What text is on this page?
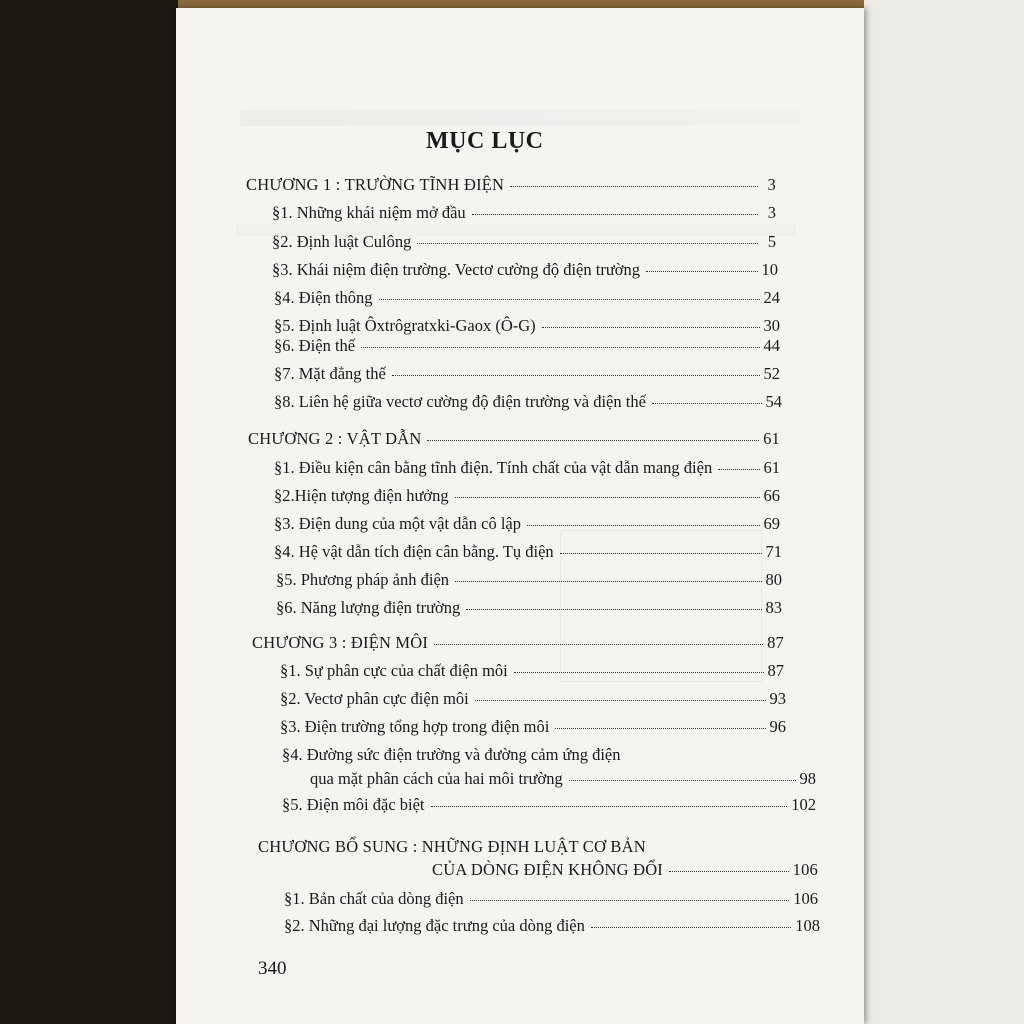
MỤC LỤC
CHƯƠNG 1 : TRƯỜNG TĨNH ĐIỆN	3
§1. Những khái niệm mở đầu	3
§2. Định luật Culông	5
§3. Khái niệm điện trường. Vectơ cường độ điện trường	10
§4. Điện thông	24
§5. Định luật Ôxtrôgratxki-Gaox (Ô-G)	30
§6. Điện thế	44
§7. Mặt đẳng thế	52
§8. Liên hệ giữa vectơ cường độ điện trường và điện thế	54
CHƯƠNG 2 : VẬT DẪN	61
§1. Điều kiện cân bằng tĩnh điện. Tính chất của vật dẫn mang điện	61
§2.Hiện tượng điện hưởng	66
§3. Điện dung của một vật dẫn cô lập	69
§4. Hệ vật dẫn tích điện cân bằng. Tụ điện	71
§5. Phương pháp ảnh điện	80
§6. Năng lượng điện trường	83
CHƯƠNG 3 : ĐIỆN MÔI	87
§1. Sự phân cực của chất điện môi	87
§2. Vectơ phân cực điện môi	93
§3. Điện trường tổng hợp trong điện môi	96
§4. Đường sức điện trường và đường cảm ứng điện
qua mặt phân cách của hai môi trường	98
§5. Điện môi đặc biệt	102
CHƯƠNG BỔ SUNG : NHỮNG ĐỊNH LUẬT CƠ BẢN
CỦA DÒNG ĐIỆN KHÔNG ĐỔI	106
§1. Bản chất của dòng điện	106
§2. Những đại lượng đặc trưng của dòng điện	108
340
